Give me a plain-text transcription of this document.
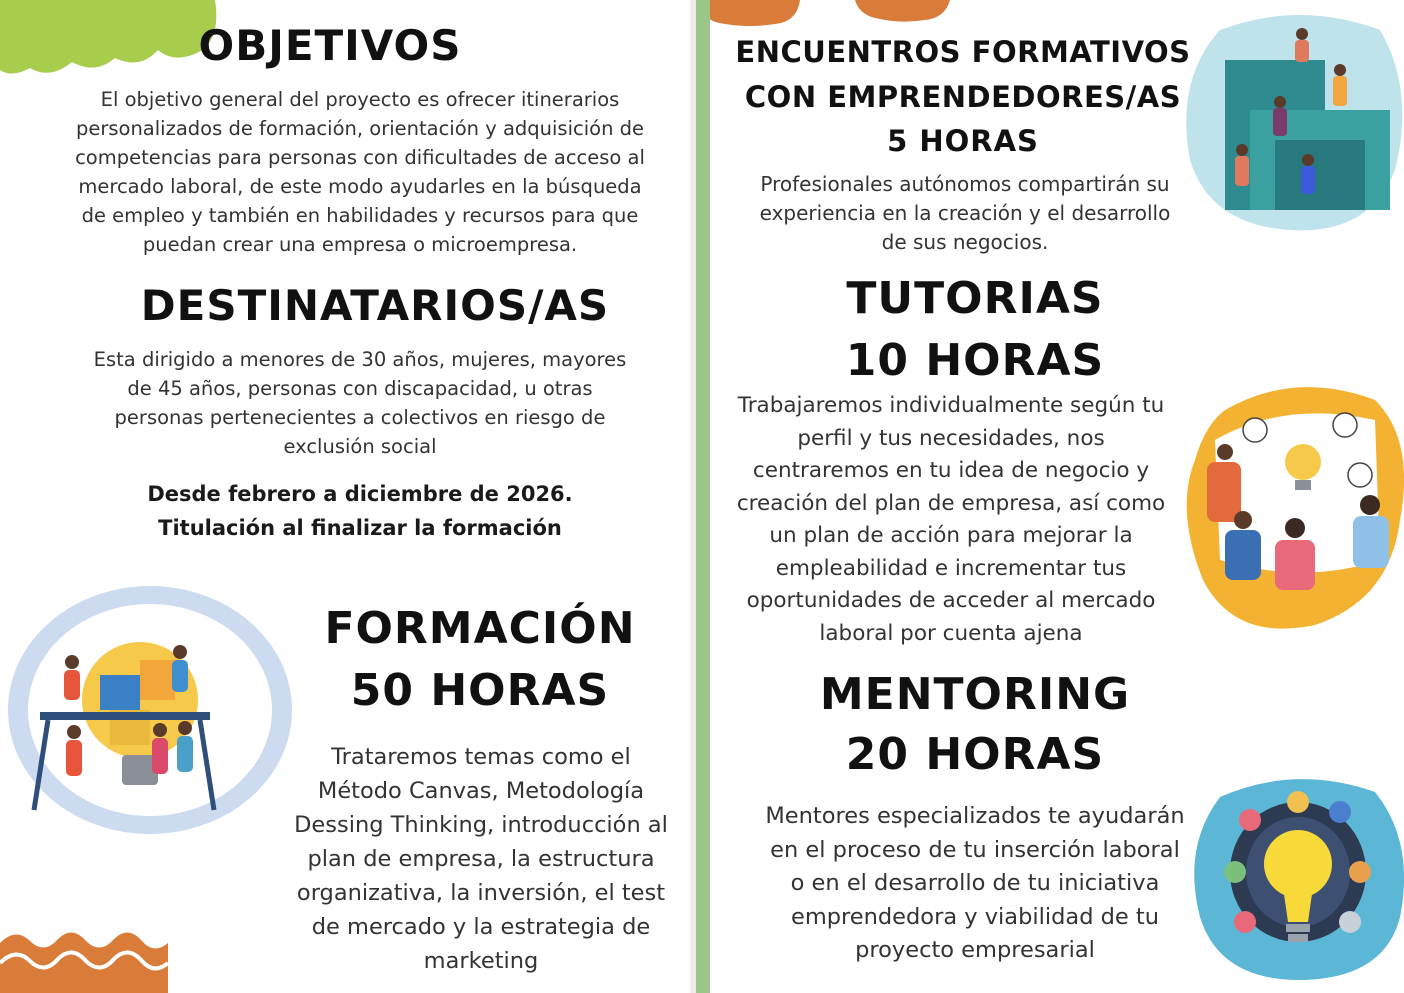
OBJETIVOS
El objetivo general del proyecto es ofrecer itinerarios
personalizados de formación, orientación y adquisición de
competencias para personas con dificultades de acceso al
mercado laboral, de este modo ayudarles en la búsqueda
de empleo y también en habilidades y recursos para que
puedan crear una empresa o microempresa.
DESTINATARIOS/AS
Esta dirigido a menores de 30 años, mujeres, mayores
de 45 años, personas con discapacidad, u otras
personas pertenecientes a colectivos en riesgo de
exclusión social
Desde febrero a diciembre de 2026.
Titulación al finalizar la formación
FORMACIÓN
50 HORAS
Trataremos temas como el
Método Canvas, Metodología
Dessing Thinking, introducción al
plan de empresa, la estructura
organizativa, la inversión, el test
de mercado y la estrategia de
marketing
ENCUENTROS FORMATIVOS
CON EMPRENDEDORES/AS
5 HORAS
Profesionales autónomos compartirán su
experiencia en la creación y el desarrollo
de sus negocios.
TUTORIAS
10 HORAS
Trabajaremos individualmente según tu
perfil y tus necesidades, nos
centraremos en tu idea de negocio y
creación del plan de empresa, así como
un plan de acción para mejorar la
empleabilidad e incrementar tus
oportunidades de acceder al mercado
laboral por cuenta ajena
MENTORING
20 HORAS
Mentores especializados te ayudarán
en el proceso de tu inserción laboral
o en el desarrollo de tu iniciativa
emprendedora y viabilidad de tu
proyecto empresarial
